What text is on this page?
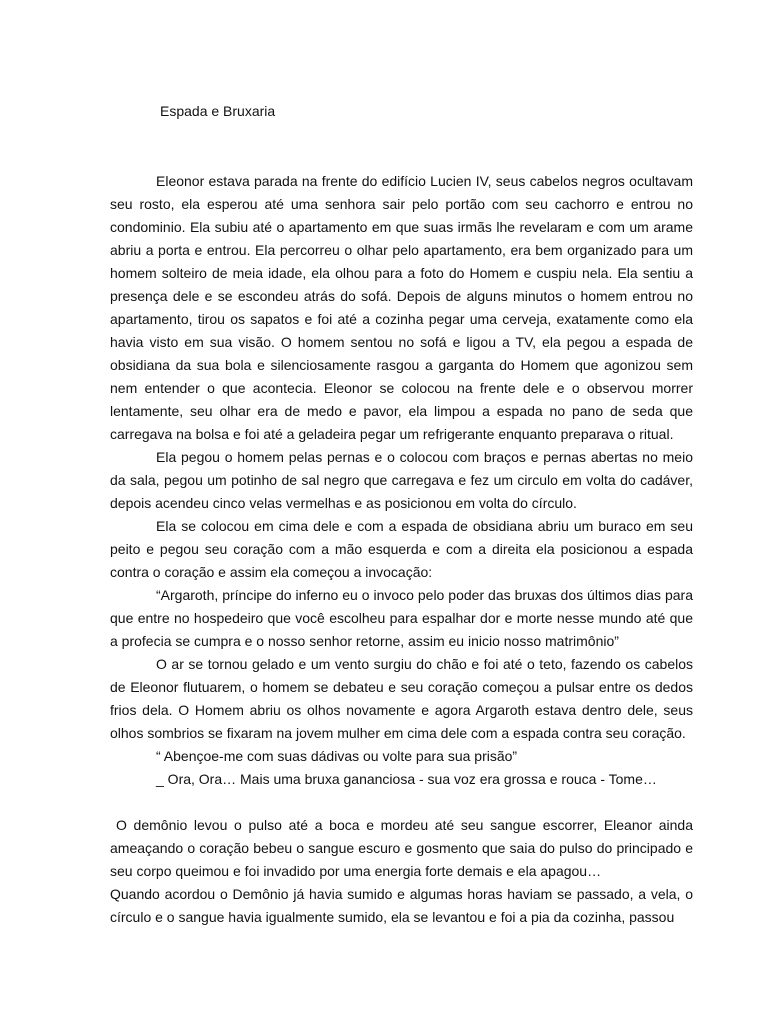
Espada e Bruxaria

Eleonor estava parada na frente do edifício Lucien IV, seus cabelos negros ocultavam seu rosto, ela esperou até uma senhora sair pelo portão com seu cachorro e entrou no condominio. Ela subiu até o apartamento em que suas irmãs lhe revelaram e com um arame abriu a porta e entrou. Ela percorreu o olhar pelo apartamento, era bem organizado para um homem solteiro de meia idade, ela olhou para a foto do Homem e cuspiu nela. Ela sentiu a presença dele e se escondeu atrás do sofá. Depois de alguns minutos o homem entrou no apartamento, tirou os sapatos e foi até a cozinha pegar uma cerveja, exatamente como ela havia visto em sua visão. O homem sentou no sofá e ligou a TV, ela pegou a espada de obsidiana da sua bola e silenciosamente rasgou a garganta do Homem que agonizou sem nem entender o que acontecia. Eleonor se colocou na frente dele e o observou morrer lentamente, seu olhar era de medo e pavor, ela limpou a espada no pano de seda que carregava na bolsa e foi até a geladeira pegar um refrigerante enquanto preparava o ritual.

Ela pegou o homem pelas pernas e o colocou com braços e pernas abertas no meio da sala, pegou um potinho de sal negro que carregava e fez um circulo em volta do cadáver, depois acendeu cinco velas vermelhas e as posicionou em volta do círculo.

Ela se colocou em cima dele e com a espada de obsidiana abriu um buraco em seu peito e pegou seu coração com a mão esquerda e com a direita ela posicionou a espada contra o coração e assim ela começou a invocação:

“Argaroth, príncipe do inferno eu o invoco pelo poder das bruxas dos últimos dias para que entre no hospedeiro que você escolheu para espalhar dor e morte nesse mundo até que a profecia se cumpra e o nosso senhor retorne, assim eu inicio nosso matrimônio”

O ar se tornou gelado e um vento surgiu do chão e foi até o teto, fazendo os cabelos de Eleonor flutuarem, o homem se debateu e seu coração começou a pulsar entre os dedos frios dela. O Homem abriu os olhos novamente e agora Argaroth estava dentro dele, seus olhos sombrios se fixaram na jovem mulher em cima dele com a espada contra seu coração.

“ Abençoe-me com suas dádivas ou volte para sua prisão”

_ Ora, Ora… Mais uma bruxa gananciosa - sua voz era grossa e rouca - Tome…

O demônio levou o pulso até a boca e mordeu até seu sangue escorrer, Eleanor ainda ameaçando o coração bebeu o sangue escuro e gosmento que saia do pulso do principado e seu corpo queimou e foi invadido por uma energia forte demais e ela apagou…

Quando acordou o Demônio já havia sumido e algumas horas haviam se passado, a vela, o círculo e o sangue havia igualmente sumido, ela se levantou e foi a pia da cozinha, passou
